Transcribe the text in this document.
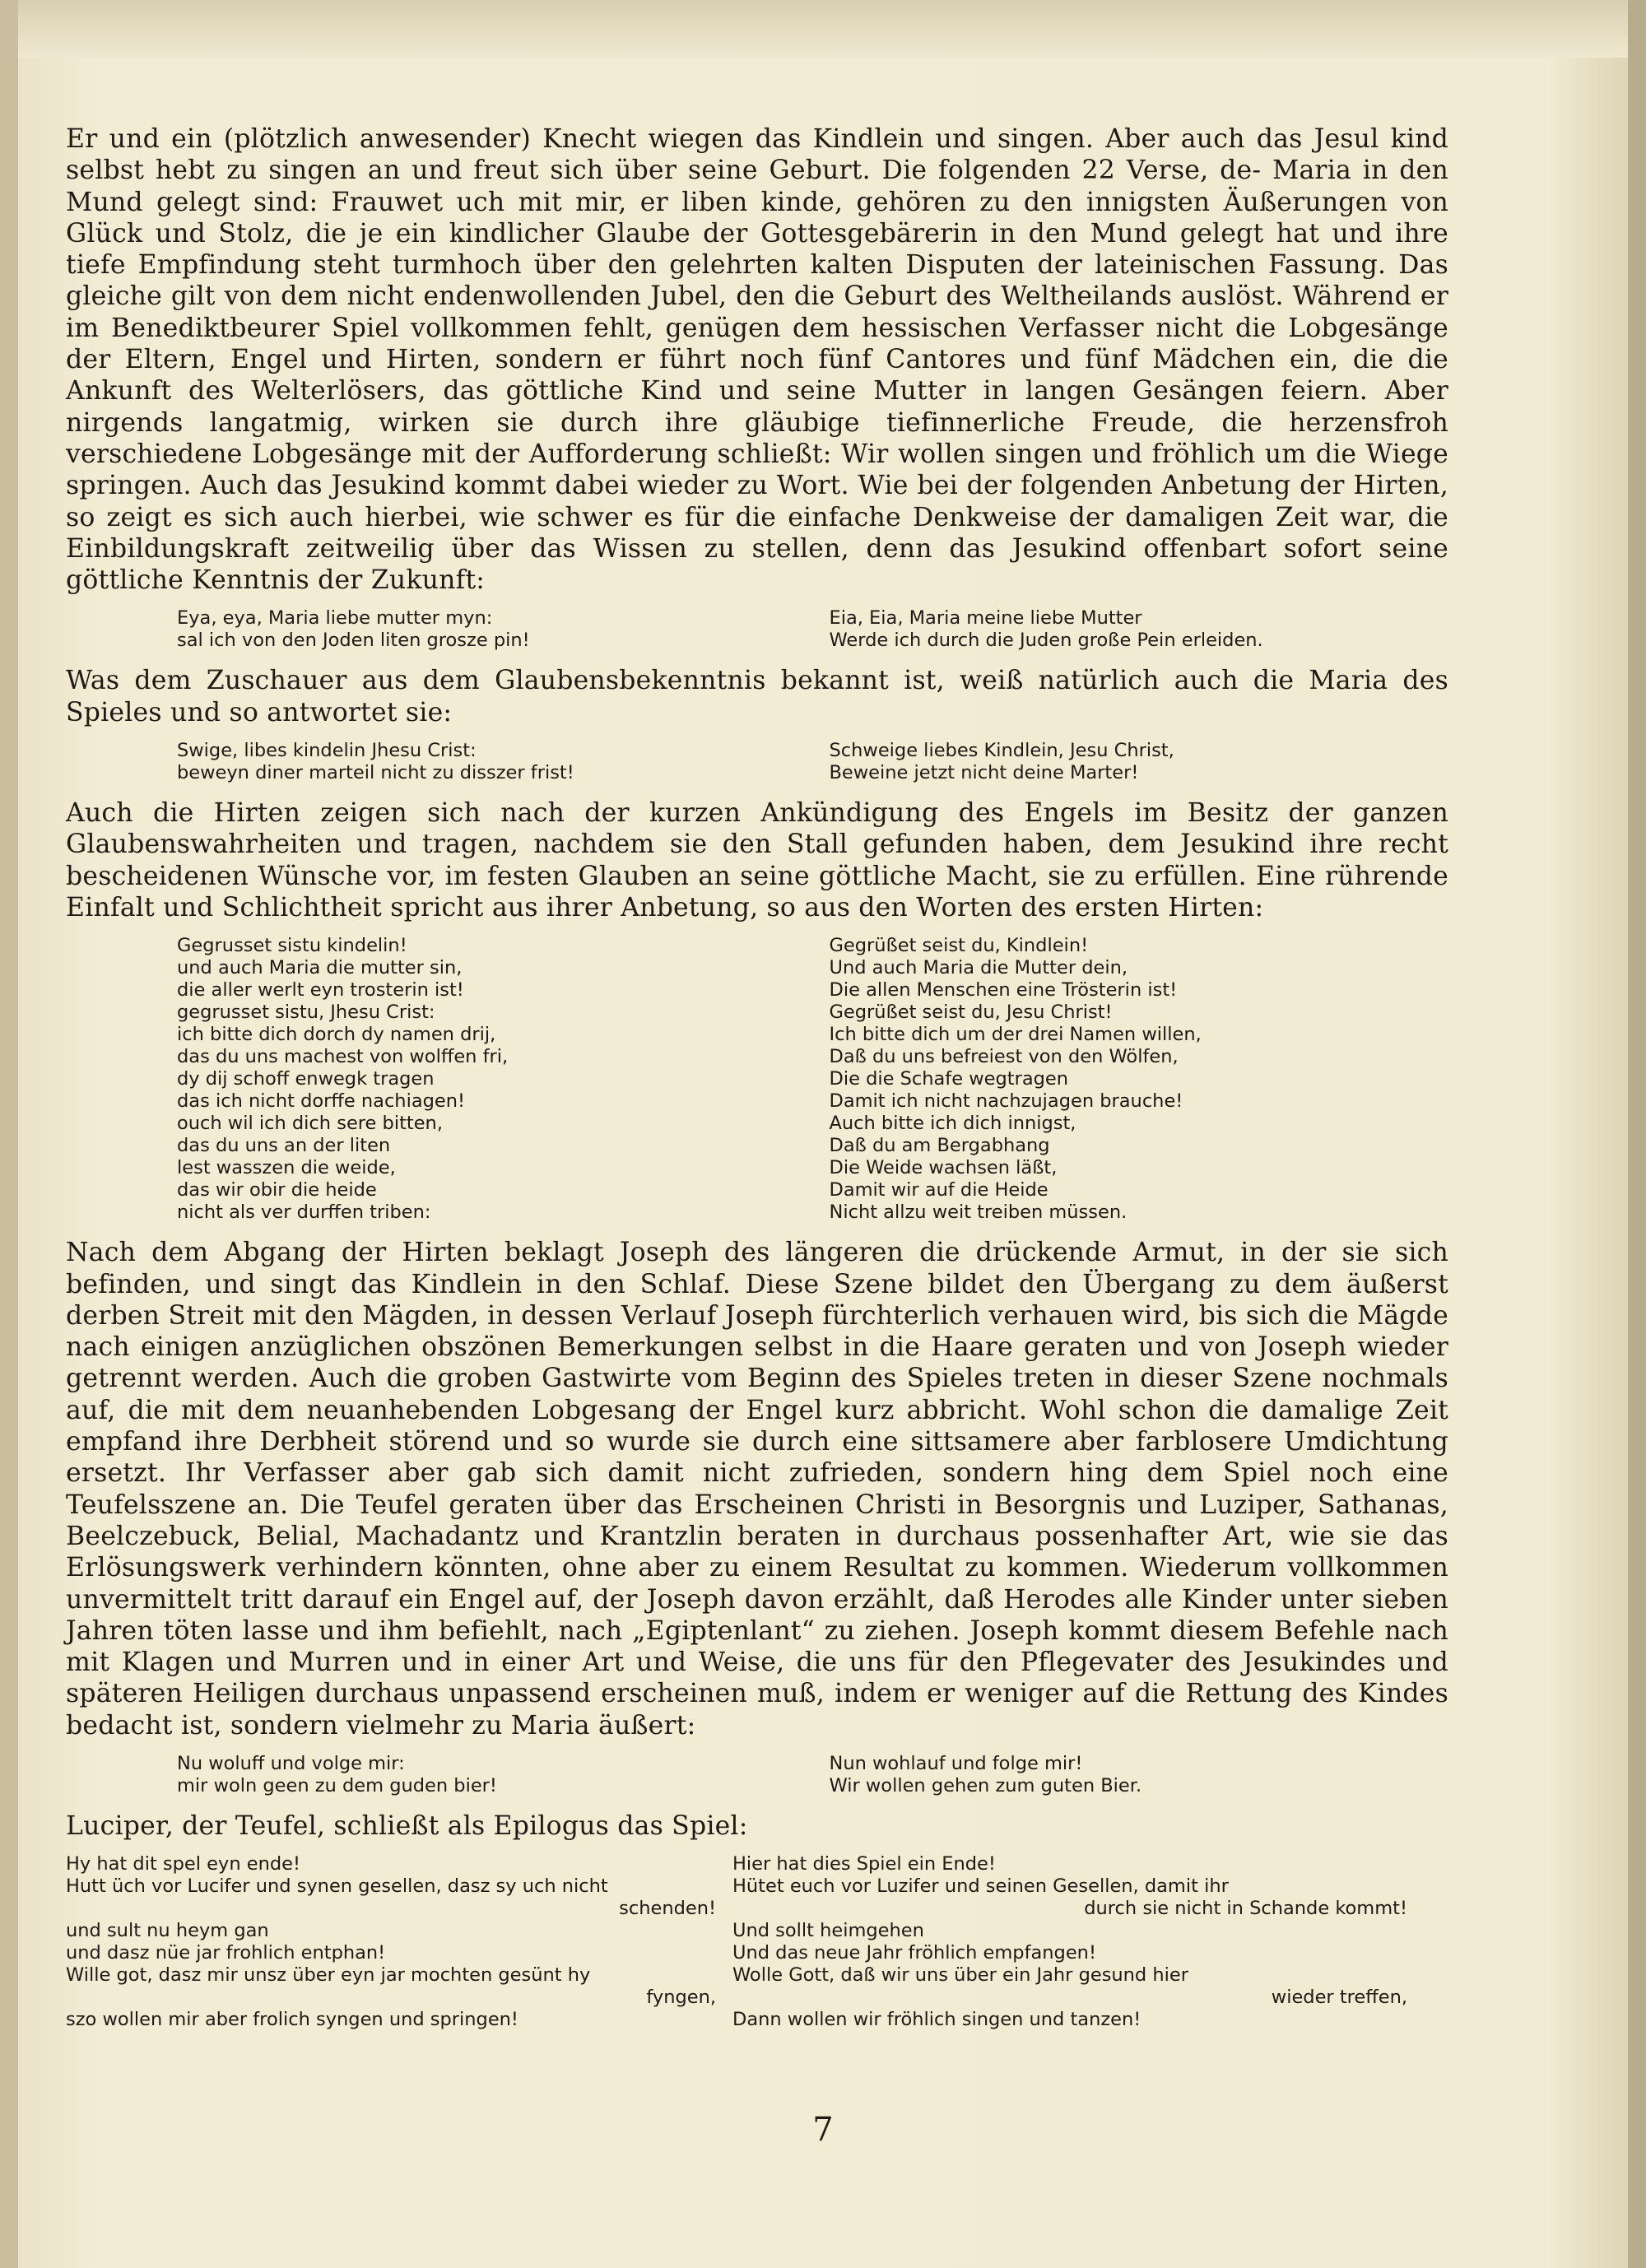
Er und ein (plötzlich anwesender) Knecht wiegen das Kindlein und singen. Aber auch das Jesul kind selbst hebt zu singen an und freut sich über seine Geburt. Die folgenden 22 Verse, de- Maria in den Mund gelegt sind: Frauwet uch mit mir, er liben kinde, gehören zu den innigsten Äußerungen von Glück und Stolz, die je ein kindlicher Glaube der Gottesgebärerin in den Mund gelegt hat und ihre tiefe Empfindung steht turmhoch über den gelehrten kalten Disputen der lateinischen Fassung. Das gleiche gilt von dem nicht endenwollenden Jubel, den die Geburt des Weltheilands auslöst. Während er im Benediktbeurer Spiel vollkommen fehlt, genügen dem hessischen Verfasser nicht die Lobgesänge der Eltern, Engel und Hirten, sondern er führt noch fünf Cantores und fünf Mädchen ein, die die Ankunft des Welterlösers, das göttliche Kind und seine Mutter in langen Gesängen feiern. Aber nirgends langatmig, wirken sie durch ihre gläubige tiefinnerliche Freude, die herzensfroh verschiedene Lobgesänge mit der Aufforderung schließt: Wir wollen singen und fröhlich um die Wiege springen. Auch das Jesukind kommt dabei wieder zu Wort. Wie bei der folgenden Anbetung der Hirten, so zeigt es sich auch hierbei, wie schwer es für die einfache Denkweise der damaligen Zeit war, die Einbildungskraft zeitweilig über das Wissen zu stellen, denn das Jesukind offenbart sofort seine göttliche Kenntnis der Zukunft:

Eya, eya, Maria liebe mutter myn:
sal ich von den Joden liten grosze pin!
Eia, Eia, Maria meine liebe Mutter
Werde ich durch die Juden große Pein erleiden.

Was dem Zuschauer aus dem Glaubensbekenntnis bekannt ist, weiß natürlich auch die Maria des Spieles und so antwortet sie:

Swige, libes kindelin Jhesu Crist:
beweyn diner marteil nicht zu disszer frist!
Schweige liebes Kindlein, Jesu Christ,
Beweine jetzt nicht deine Marter!

Auch die Hirten zeigen sich nach der kurzen Ankündigung des Engels im Besitz der ganzen Glaubenswahrheiten und tragen, nachdem sie den Stall gefunden haben, dem Jesukind ihre recht bescheidenen Wünsche vor, im festen Glauben an seine göttliche Macht, sie zu erfüllen. Eine rührende Einfalt und Schlichtheit spricht aus ihrer Anbetung, so aus den Worten des ersten Hirten:

Gegrusset sistu kindelin!
und auch Maria die mutter sin,
die aller werlt eyn trosterin ist!
gegrusset sistu, Jhesu Crist:
ich bitte dich dorch dy namen drij,
das du uns machest von wolffen fri,
dy dij schoff enwegk tragen
das ich nicht dorffe nachiagen!
ouch wil ich dich sere bitten,
das du uns an der liten
lest wasszen die weide,
das wir obir die heide
nicht als ver durffen triben:
Gegrüßet seist du, Kindlein!
Und auch Maria die Mutter dein,
Die allen Menschen eine Trösterin ist!
Gegrüßet seist du, Jesu Christ!
Ich bitte dich um der drei Namen willen,
Daß du uns befreiest von den Wölfen,
Die die Schafe wegtragen
Damit ich nicht nachzujagen brauche!
Auch bitte ich dich innigst,
Daß du am Bergabhang
Die Weide wachsen läßt,
Damit wir auf die Heide
Nicht allzu weit treiben müssen.

Nach dem Abgang der Hirten beklagt Joseph des längeren die drückende Armut, in der sie sich befinden, und singt das Kindlein in den Schlaf. Diese Szene bildet den Übergang zu dem äußerst derben Streit mit den Mägden, in dessen Verlauf Joseph fürchterlich verhauen wird, bis sich die Mägde nach einigen anzüglichen obszönen Bemerkungen selbst in die Haare geraten und von Joseph wieder getrennt werden. Auch die groben Gastwirte vom Beginn des Spieles treten in dieser Szene nochmals auf, die mit dem neuanhebenden Lobgesang der Engel kurz abbricht. Wohl schon die damalige Zeit empfand ihre Derbheit störend und so wurde sie durch eine sittsamere aber farblosere Umdichtung ersetzt. Ihr Verfasser aber gab sich damit nicht zufrieden, sondern hing dem Spiel noch eine Teufelsszene an. Die Teufel geraten über das Erscheinen Christi in Besorgnis und Luziper, Sathanas, Beelczebuck, Belial, Machadantz und Krantzlin beraten in durchaus possenhafter Art, wie sie das Erlösungswerk verhindern könnten, ohne aber zu einem Resultat zu kommen. Wiederum vollkommen unvermittelt tritt darauf ein Engel auf, der Joseph davon erzählt, daß Herodes alle Kinder unter sieben Jahren töten lasse und ihm befiehlt, nach „Egiptenlant“ zu ziehen. Joseph kommt diesem Befehle nach mit Klagen und Murren und in einer Art und Weise, die uns für den Pflegevater des Jesukindes und späteren Heiligen durchaus unpassend erscheinen muß, indem er weniger auf die Rettung des Kindes bedacht ist, sondern vielmehr zu Maria äußert:

Nu woluff und volge mir:
mir woln geen zu dem guden bier!
Nun wohlauf und folge mir!
Wir wollen gehen zum guten Bier.

Luciper, der Teufel, schließt als Epilogus das Spiel:

Hy hat dit spel eyn ende!
Hutt üch vor Lucifer und synen gesellen, dasz sy uch nicht
schenden!
und sult nu heym gan
und dasz nüe jar frohlich entphan!
Wille got, dasz mir unsz über eyn jar mochten gesünt hy
fyngen,
szo wollen mir aber frolich syngen und springen!
Hier hat dies Spiel ein Ende!
Hütet euch vor Luzifer und seinen Gesellen, damit ihr
durch sie nicht in Schande kommt!
Und sollt heimgehen
Und das neue Jahr fröhlich empfangen!
Wolle Gott, daß wir uns über ein Jahr gesund hier
wieder treffen,
Dann wollen wir fröhlich singen und tanzen!
7
